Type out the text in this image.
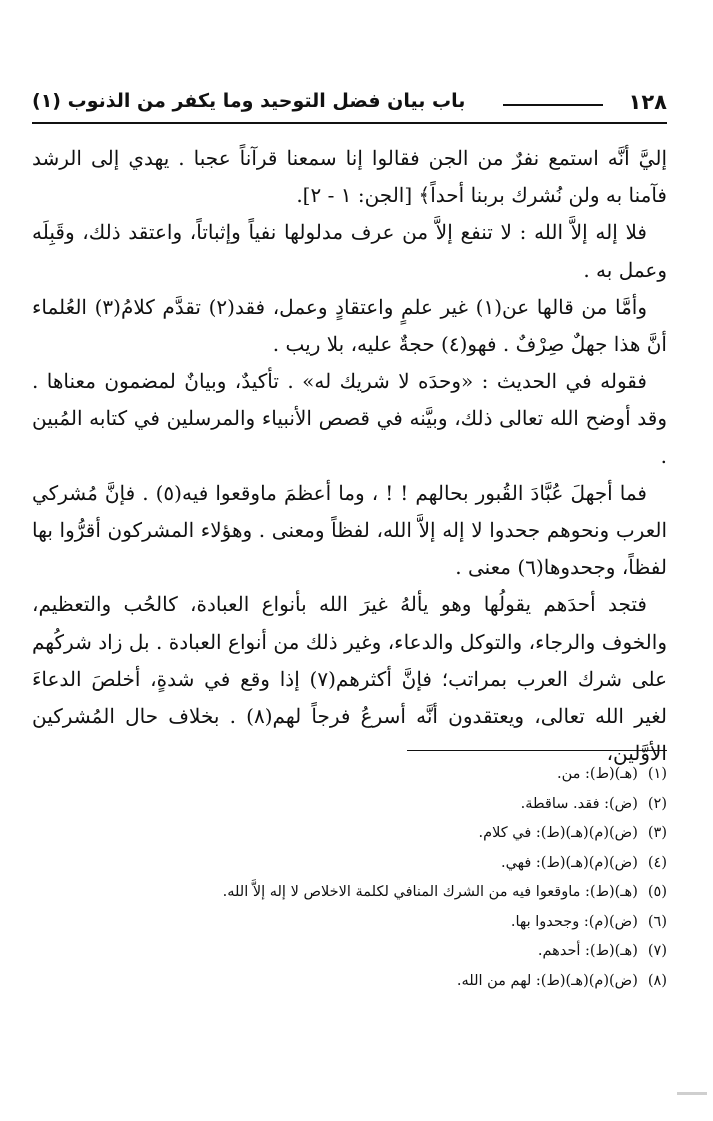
١٢٨
باب بيان فضل التوحيد وما يكفر من الذنوب (١)

إليَّ أنَّه استمع نفرٌ من الجن فقالوا إنا سمعنا قرآناً عجبا . يهدي إلى الرشد فآمنا به ولن نُشرك بربنا أحداً﴾ [الجن: ١ - ٢].

فلا إله إلاَّ الله : لا تنفع إلاَّ من عرف مدلولها نفياً وإثباتاً، واعتقد ذلك، وقَبِلَه وعمل به .

وأمَّا من قالها عن(١) غير علمٍ واعتقادٍ وعمل، فقد(٢) تقدَّم كلامُ(٣) العُلماء أنَّ هذا جهلٌ صِرْفٌ . فهو(٤) حجةٌ عليه، بلا ريب .

فقوله في الحديث : «وحدَه لا شريك له» . تأكيدٌ، وبيانٌ لمضمون معناها . وقد أوضح الله تعالى ذلك، وبيَّنه في قصص الأنبياء والمرسلين في كتابه المُبين .

فما أجهلَ عُبَّادَ القُبور بحالهم ! ! ، وما أعظمَ ماوقعوا فيه(٥) . فإنَّ مُشركي العرب ونحوهم جحدوا لا إله إلاَّ الله، لفظاً ومعنى . وهؤلاء المشركون أقرُّوا بها لفظاً، وجحدوها(٦) معنى .

فتجد أحدَهم يقولُها وهو يألهُ غيرَ الله بأنواع العبادة، كالحُب والتعظيم، والخوف والرجاء، والتوكل والدعاء، وغير ذلك من أنواع العبادة . بل زاد شركُهم على شرك العرب بمراتب؛ فإنَّ أكثرهم(٧) إذا وقع في شدةٍ، أخلصَ الدعاءَ لغير الله تعالى، ويعتقدون أنَّه أسرعُ فرجاً لهم(٨) . بخلاف حال المُشركين الأوَّلين،

(١)(هـ)(ط): من.
(٢)(ض): فقد. ساقطة.
(٣)(ض)(م)(هـ)(ط): في كلام.
(٤)(ض)(م)(هـ)(ط): فهي.
(٥)(هـ)(ط): ماوقعوا فيه من الشرك المنافي لكلمة الاخلاص لا إله إلاَّ الله.
(٦)(ض)(م): وجحدوا بها.
(٧)(هـ)(ط): أحدهم.
(٨)(ض)(م)(هـ)(ط): لهم من الله.
